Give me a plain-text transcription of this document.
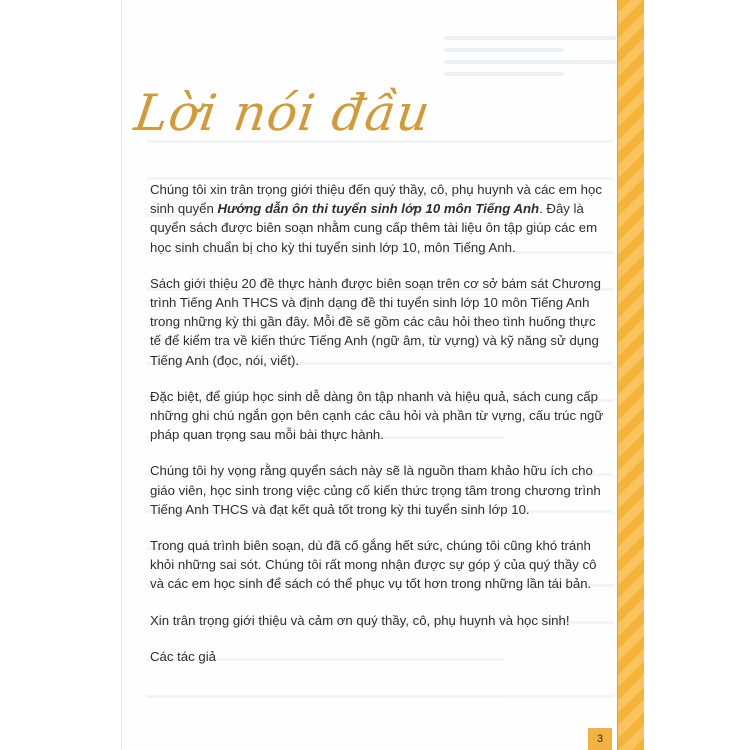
Lời nói đầu

Chúng tôi xin trân trọng giới thiệu đến quý thầy, cô, phụ huynh và các em học sinh quyển Hướng dẫn ôn thi tuyển sinh lớp 10 môn Tiếng Anh. Đây là quyển sách được biên soạn nhằm cung cấp thêm tài liệu ôn tập giúp các em học sinh chuẩn bị cho kỳ thi tuyển sinh lớp 10, môn Tiếng Anh.

Sách giới thiệu 20 đề thực hành được biên soạn trên cơ sở bám sát Chương trình Tiếng Anh THCS và định dạng đề thi tuyển sinh lớp 10 môn Tiếng Anh trong những kỳ thi gần đây. Mỗi đề sẽ gồm các câu hỏi theo tình huống thực tế để kiểm tra về kiến thức Tiếng Anh (ngữ âm, từ vựng) và kỹ năng sử dụng Tiếng Anh (đọc, nói, viết).

Đặc biệt, để giúp học sinh dễ dàng ôn tập nhanh và hiệu quả, sách cung cấp những ghi chú ngắn gọn bên cạnh các câu hỏi và phần từ vựng, cấu trúc ngữ pháp quan trọng sau mỗi bài thực hành.

Chúng tôi hy vọng rằng quyển sách này sẽ là nguồn tham khảo hữu ích cho giáo viên, học sinh trong việc củng cố kiến thức trọng tâm trong chương trình Tiếng Anh THCS và đạt kết quả tốt trong kỳ thi tuyển sinh lớp 10.

Trong quá trình biên soạn, dù đã cố gắng hết sức, chúng tôi cũng khó tránh khỏi những sai sót. Chúng tôi rất mong nhận được sự góp ý của quý thầy cô và các em học sinh để sách có thể phục vụ tốt hơn trong những lần tái bản.

Xin trân trọng giới thiệu và cảm ơn quý thầy, cô, phụ huynh và học sinh!

Các tác giả

3
